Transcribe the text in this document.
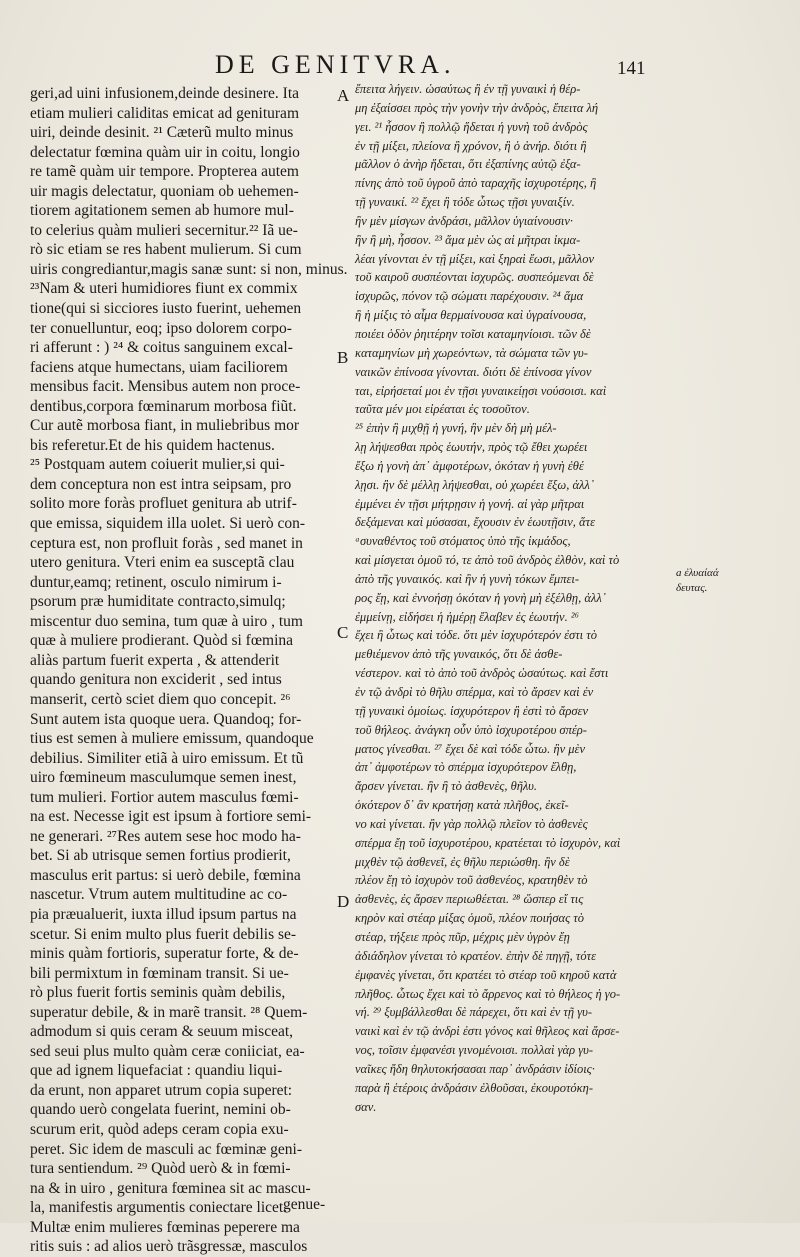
DE GENITVRA.	141
geri,ad uini infusionem,deinde desinere. Ita
etiam mulieri caliditas emicat ad genituram
uiri, deinde desinit. ²¹ Cæterũ multo minus
delectatur fœmina quàm uir in coitu, longio
re tamẽ quàm uir tempore. Propterea autem
uir magis delectatur, quoniam ob uehemen-
tiorem agitationem semen ab humore mul-
to celerius quàm mulieri secernitur.²² Iã ue-
rò sic etiam se res habent mulierum. Si cum
uiris congrediantur,magis sanæ sunt: si non, minus.
²³Nam & uteri humidiores fiunt ex commix
tione(qui si sicciores iusto fuerint, uehemen
ter conuelluntur, eoq; ipso dolorem corpo-
ri afferunt : ) ²⁴ & coitus sanguinem excal-
faciens atque humectans, uiam faciliorem
mensibus facit. Mensibus autem non proce-
dentibus,corpora fœminarum morbosa fiũt.
Cur autẽ morbosa fiant, in muliebribus mor
bis referetur.Et de his quidem hactenus.
²⁵ Postquam autem coiuerit mulier,si qui-
dem conceptura non est intra seipsam, pro
solito more foràs profluet genitura ab utrif-
que emissa, siquidem illa uolet. Si uerò con-
ceptura est, non profluit foràs , sed manet in
utero genitura. Vteri enim ea susceptã clau
duntur,eamq; retinent, osculo nimirum i-
psorum præ humiditate contracto,simulq;
miscentur duo semina, tum quæ à uiro , tum
quæ à muliere prodierant. Quòd si fœmina
aliàs partum fuerit experta , & attenderit
quando genitura non exciderit , sed intus
manserit, certò sciet diem quo concepit. ²⁶
Sunt autem ista quoque uera. Quandoq; for-
tius est semen à muliere emissum, quandoque
debilius. Similiter etiã à uiro emissum. Et tũ
uiro fœmineum masculumque semen inest,
tum mulieri. Fortior autem masculus fœmi-
na est. Necesse igit est ipsum à fortiore semi-
ne generari. ²⁷Res autem sese hoc modo ha-
bet. Si ab utrisque semen fortius prodierit,
masculus erit partus: si uerò debile, fœmina
nascetur. Vtrum autem multitudine ac co-
pia præualuerit, iuxta illud ipsum partus na
scetur. Si enim multo plus fuerit debilis se-
minis quàm fortioris, superatur forte, & de-
bili permixtum in fœminam transit. Si ue-
rò plus fuerit fortis seminis quàm debilis,
superatur debile, & in marẽ transit. ²⁸ Quem-
admodum si quis ceram & seuum misceat,
sed seui plus multo quàm ceræ coniiciat, ea-
que ad ignem liquefaciat : quandiu liqui-
da erunt, non apparet utrum copia superet:
quando uerò congelata fuerint, nemini ob-
scurum erit, quòd adeps ceram copia exu-
peret. Sic idem de masculi ac fœminæ geni-
tura sentiendum. ²⁹ Quòd uerò & in fœmi-
na & in uiro , genitura fœminea sit ac mascu-
la, manifestis argumentis coniectare licet.
Multæ enim mulieres fœminas peperere ma
ritis suis : ad alios uerò trãsgressæ, masculos
ἔπειτα λήγειν. ὡσαύτως ἢ ἐν τῇ γυναικὶ ἡ θέρ-
μη ἐξαίσσει πρὸς τὴν γονὴν τὴν ἀνδρὸς, ἔπειτα λή
γει. ²¹ ἧσσον ἢ πολλῷ ἥδεται ἡ γυνὴ τοῦ ἀνδρὸς
ἐν τῇ μίξει, πλείονα ἢ χρόνον, ἢ ὁ ἀνήρ. διότι ἢ
μᾶλλον ὁ ἀνὴρ ἥδεται, ὅτι ἐξαπίνης αὐτῷ ἐξα-
πίνης ἀπὸ τοῦ ὑγροῦ ἀπὸ ταραχῆς ἰσχυροτέρης, ἢ
τῇ γυναικί. ²² ἔχει ἢ τόδε ὧτως τῇσι γυναιξίν.
ἢν μὲν μίσγων ἀνδράσι, μᾶλλον ὑγιαίνουσιν·
ἢν ἢ μὴ, ἧσσον. ²³ ἅμα μὲν ὡς αἱ μῆτραι ἰκμα-
λέαι γίνονται ἐν τῇ μίξει, καὶ ξηραὶ ἔωσι, μᾶλλον
τοῦ καιροῦ συσπέονται ἰσχυρῶς. συσπεόμεναι δὲ
ἰσχυρῶς, πόνον τῷ σώματι παρέχουσιν. ²⁴ ἅμα
ἢ ἡ μίξις τὸ αἷμα θερμαίνουσα καὶ ὑγραίνουσα,
ποιέει ὁδὸν ῥηιτέρην τοῖσι καταμηνίοισι. τῶν δὲ
καταμηνίων μὴ χωρεόντων, τὰ σώματα τῶν γυ-
ναικῶν ἐπίνοσα γίνονται. διότι δὲ ἐπίνοσα γίνον
ται, εἰρήσεταί μοι ἐν τῇσι γυναικείῃσι νούσοισι. καὶ
ταῦτα μέν μοι εἰρέαται ἐς τοσοῦτον.
²⁵ ἐπὴν ἢ μιχθῇ ἡ γυνή, ἢν μὲν δὴ μὴ μέλ-
λῃ λήψεσθαι πρὸς ἑωυτήν, πρὸς τῷ ἔθει χωρέει
ἔξω ἡ γονὴ ἀπ᾽ ἀμφοτέρων, ὁκόταν ἡ γυνὴ ἐθέ
λῃσι. ἢν δὲ μέλλῃ λήψεσθαι, οὐ χωρέει ἔξω, ἀλλ᾽
ἐμμένει ἐν τῇσι μήτρῃσιν ἡ γονή. αἱ γὰρ μῆτραι
δεξάμεναι καὶ μύσασαι, ἔχουσιν ἐν ἑωυτῇσιν, ἅτε
ᵃσυναθέντος τοῦ στόματος ὑπὸ τῆς ἰκμάδος,
καὶ μίσγεται ὁμοῦ τό, τε ἀπὸ τοῦ ἀνδρὸς ἐλθὸν, καὶ τὸ
ἀπὸ τῆς γυναικός. καὶ ἢν ἡ γυνὴ τόκων ἔμπει-
ρος ἔῃ, καὶ ἐννοήσῃ ὁκόταν ἡ γονὴ μὴ ἐξέλθῃ, ἀλλ᾽
ἐμμείνῃ, εἰδήσει ἡ ἡμέρῃ ἔλαβεν ἐς ἑωυτήν. ²⁶
ἔχει ἢ ὧτως καὶ τόδε. ὅτι μὲν ἰσχυρότερόν ἐστι τὸ
μεθιέμενον ἀπὸ τῆς γυναικός, ὅτι δὲ ἀσθε-
νέστερον. καὶ τὸ ἀπὸ τοῦ ἀνδρὸς ὡσαύτως. καὶ ἔστι
ἐν τῷ ἀνδρὶ τὸ θῆλυ σπέρμα, καὶ τὸ ἄρσεν καὶ ἐν
τῇ γυναικὶ ὁμοίως. ἰσχυρότερον ἢ ἐστὶ τὸ ἄρσεν
τοῦ θήλεος. ἀνάγκη οὖν ὑπὸ ἰσχυροτέρου σπέρ-
ματος γίνεσθαι. ²⁷ ἔχει δὲ καὶ τόδε ὧτω. ἢν μὲν
ἀπ᾽ ἀμφοτέρων τὸ σπέρμα ἰσχυρότερον ἔλθῃ,
ἄρσεν γίνεται. ἢν ἢ τὸ ἀσθενὲς, θῆλυ.
ὁκότερον δ᾽ ἂν κρατήσῃ κατὰ πλῆθος, ἐκεῖ-
νο καὶ γίνεται. ἢν γὰρ πολλῷ πλεῖον τὸ ἀσθενὲς
σπέρμα ἔῃ τοῦ ἰσχυροτέρου, κρατέεται τὸ ἰσχυρὸν, καὶ
μιχθὲν τῷ ἀσθενεῖ, ἐς θῆλυ περιώσθη. ἢν δὲ
πλέον ἔῃ τὸ ἰσχυρὸν τοῦ ἀσθενέος, κρατηθὲν τὸ
ἀσθενὲς, ἐς ἄρσεν περιωθέεται. ²⁸ ὥσπερ εἴ τις
κηρὸν καὶ στέαρ μίξας ὁμοῦ, πλέον ποιήσας τὸ
στέαρ, τήξειε πρὸς πῦρ, μέχρις μὲν ὑγρὸν ἔῃ
ἀδιάδηλον γίνεται τὸ κρατέον. ἐπὴν δὲ πηγῇ, τότε
ἐμφανὲς γίνεται, ὅτι κρατέει τὸ στέαρ τοῦ κηροῦ κατὰ
πλῆθος. ὧτως ἔχει καὶ τὸ ἄρρενος καὶ τὸ θήλεος ἡ γο-
νή. ²⁹ ξυμβάλλεσθαι δὲ πάρεχει, ὅτι καὶ ἐν τῇ γυ-
ναικὶ καὶ ἐν τῷ ἀνδρὶ ἐστι γόνος καὶ θῆλεος καὶ ἄρσε-
νος, τοῖσιν ἐμφανέσι γινομένοισι. πολλαὶ γὰρ γυ-
ναῖκες ἤδη θηλυτοκήσασαι παρ᾽ ἀνδράσιν ἰδίοις·
παρὰ ἢ ἑτέροις ἀνδράσιν ἐλθοῦσαι, ἐκουροτόκη-
σαν.
A
B
C
D
a ἐλυαίαά
δευτας.
genue-
